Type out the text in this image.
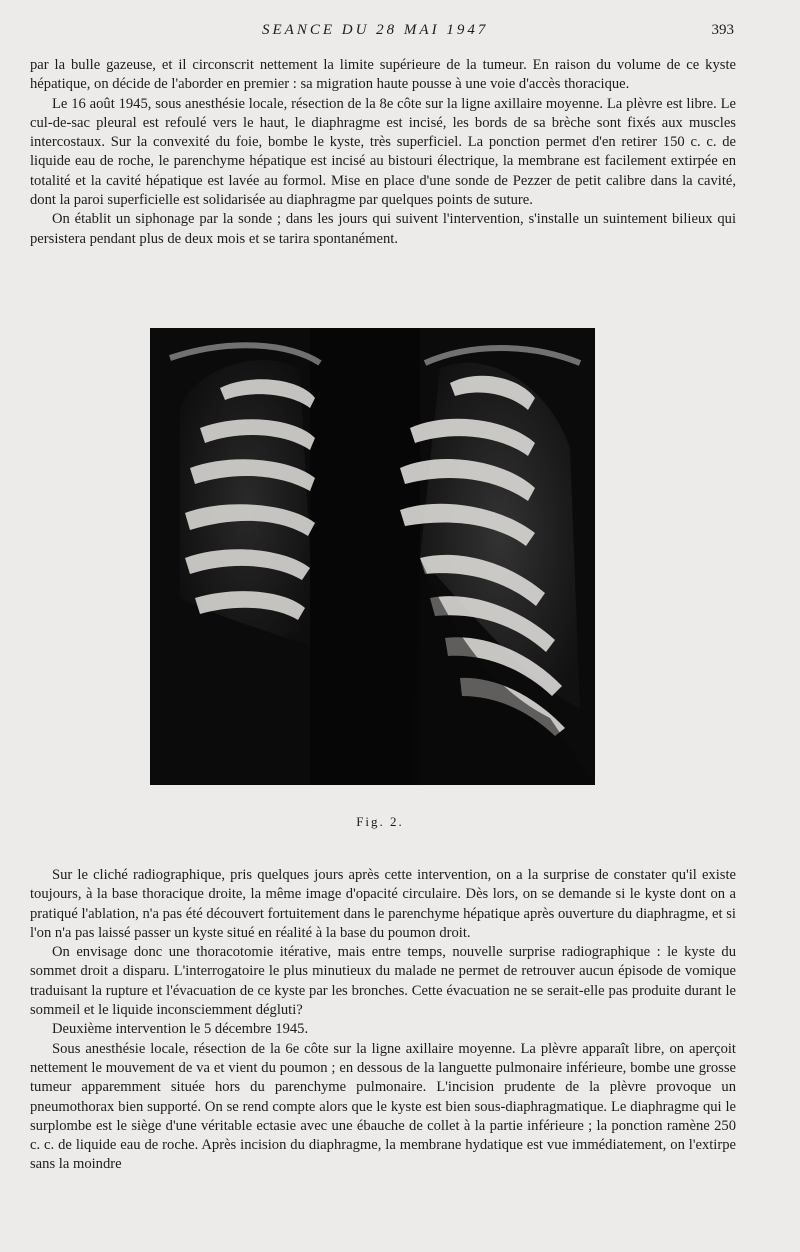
SEANCE DU 28 MAI 1947	393

par la bulle gazeuse, et il circonscrit nettement la limite supérieure de la tumeur. En raison du volume de ce kyste hépatique, on décide de l'aborder en premier : sa migration haute pousse à une voie d'accès thoracique.

Le 16 août 1945, sous anesthésie locale, résection de la 8e côte sur la ligne axillaire moyenne. La plèvre est libre. Le cul-de-sac pleural est refoulé vers le haut, le diaphragme est incisé, les bords de sa brèche sont fixés aux muscles intercostaux. Sur la convexité du foie, bombe le kyste, très superficiel. La ponction permet d'en retirer 150 c. c. de liquide eau de roche, le parenchyme hépatique est incisé au bistouri électrique, la membrane est facilement extirpée en totalité et la cavité hépatique est lavée au formol. Mise en place d'une sonde de Pezzer de petit calibre dans la cavité, dont la paroi superficielle est solidarisée au diaphragme par quelques points de suture.

On établit un siphonage par la sonde ; dans les jours qui suivent l'intervention, s'installe un suintement bilieux qui persistera pendant plus de deux mois et se tarira spontanément.

Fig. 2.

Sur le cliché radiographique, pris quelques jours après cette intervention, on a la surprise de constater qu'il existe toujours, à la base thoracique droite, la même image d'opacité circulaire. Dès lors, on se demande si le kyste dont on a pratiqué l'ablation, n'a pas été découvert fortuitement dans le parenchyme hépatique après ouverture du diaphragme, et si l'on n'a pas laissé passer un kyste situé en réalité à la base du poumon droit.

On envisage donc une thoracotomie itérative, mais entre temps, nouvelle surprise radiographique : le kyste du sommet droit a disparu. L'interrogatoire le plus minutieux du malade ne permet de retrouver aucun épisode de vomique traduisant la rupture et l'évacuation de ce kyste par les bronches. Cette évacuation ne se serait-elle pas produite durant le sommeil et le liquide inconsciemment dégluti?

Deuxième intervention le 5 décembre 1945.

Sous anesthésie locale, résection de la 6e côte sur la ligne axillaire moyenne. La plèvre apparaît libre, on aperçoit nettement le mouvement de va et vient du poumon ; en dessous de la languette pulmonaire inférieure, bombe une grosse tumeur apparemment située hors du parenchyme pulmonaire. L'incision prudente de la plèvre provoque un pneumothorax bien supporté. On se rend compte alors que le kyste est bien sous-diaphragmatique. Le diaphragme qui le surplombe est le siège d'une véritable ectasie avec une ébauche de collet à la partie inférieure ; la ponction ramène 250 c. c. de liquide eau de roche. Après incision du diaphragme, la membrane hydatique est vue immédiatement, on l'extirpe sans la moindre
